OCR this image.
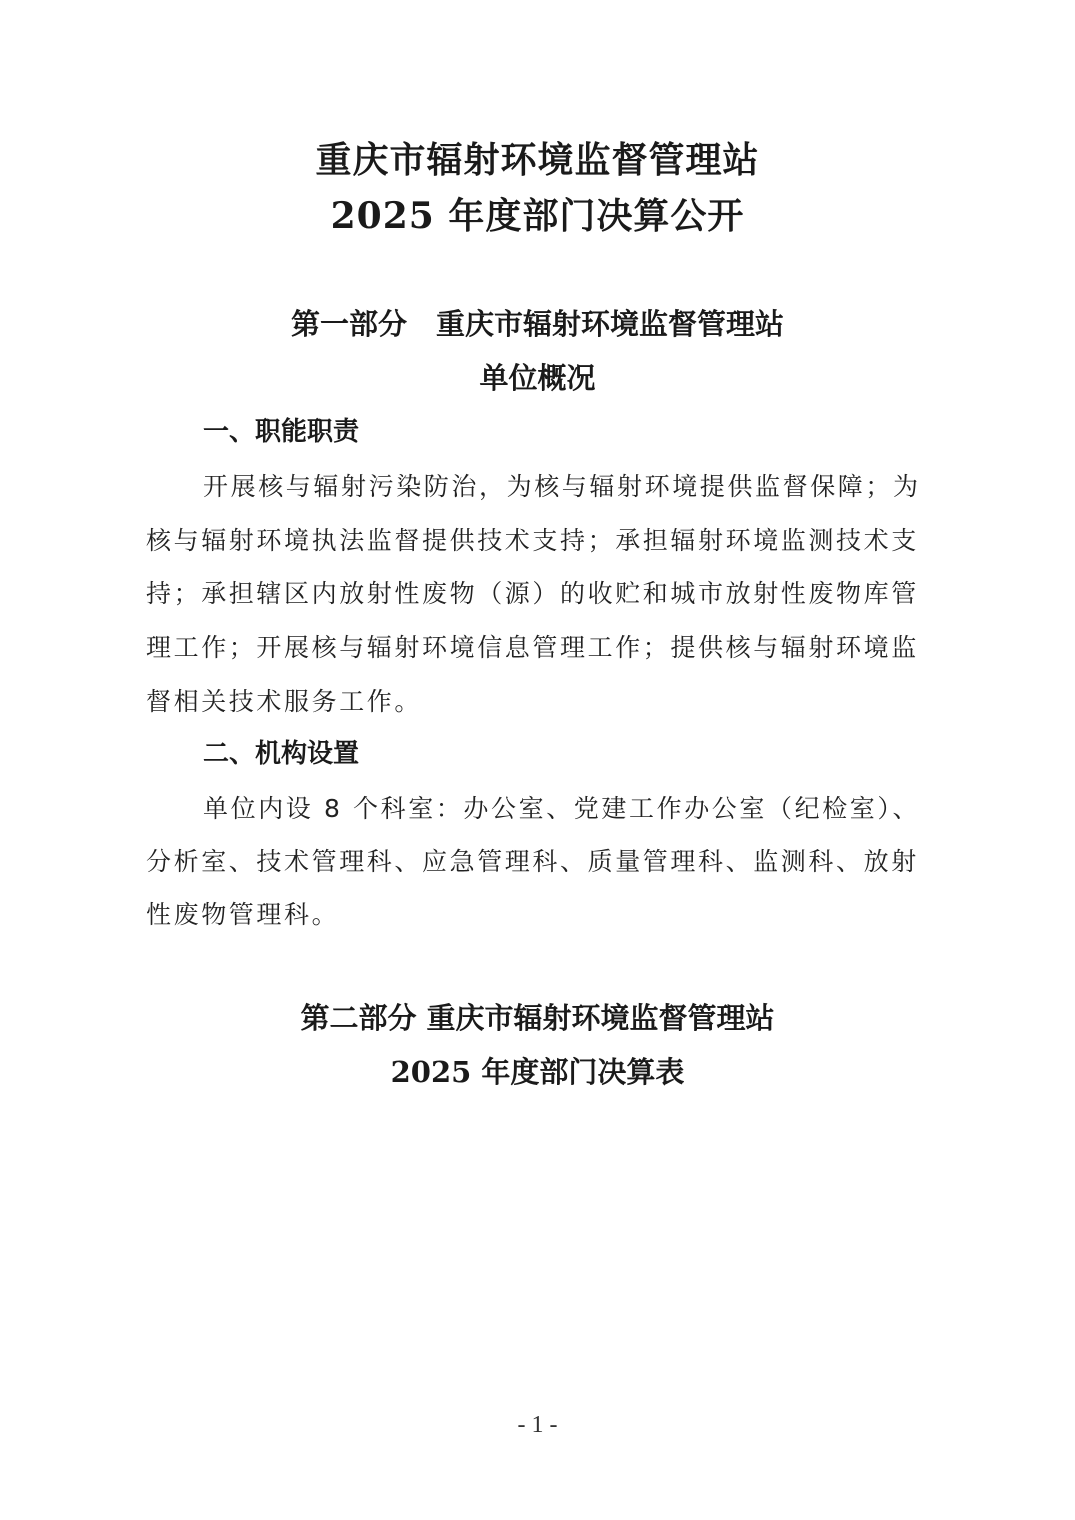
重庆市辐射环境监督管理站
2025 年度部门决算公开
第一部分　重庆市辐射环境监督管理站
单位概况
一、职能职责
开展核与辐射污染防治，为核与辐射环境提供监督保障；为
核与辐射环境执法监督提供技术支持；承担辐射环境监测技术支
持；承担辖区内放射性废物（源）的收贮和城市放射性废物库管
理工作；开展核与辐射环境信息管理工作；提供核与辐射环境监
督相关技术服务工作。
二、机构设置
单位内设 8 个科室：办公室、党建工作办公室（纪检室）、
分析室、技术管理科、应急管理科、质量管理科、监测科、放射
性废物管理科。
第二部分 重庆市辐射环境监督管理站
2025 年度部门决算表
- 1 -
